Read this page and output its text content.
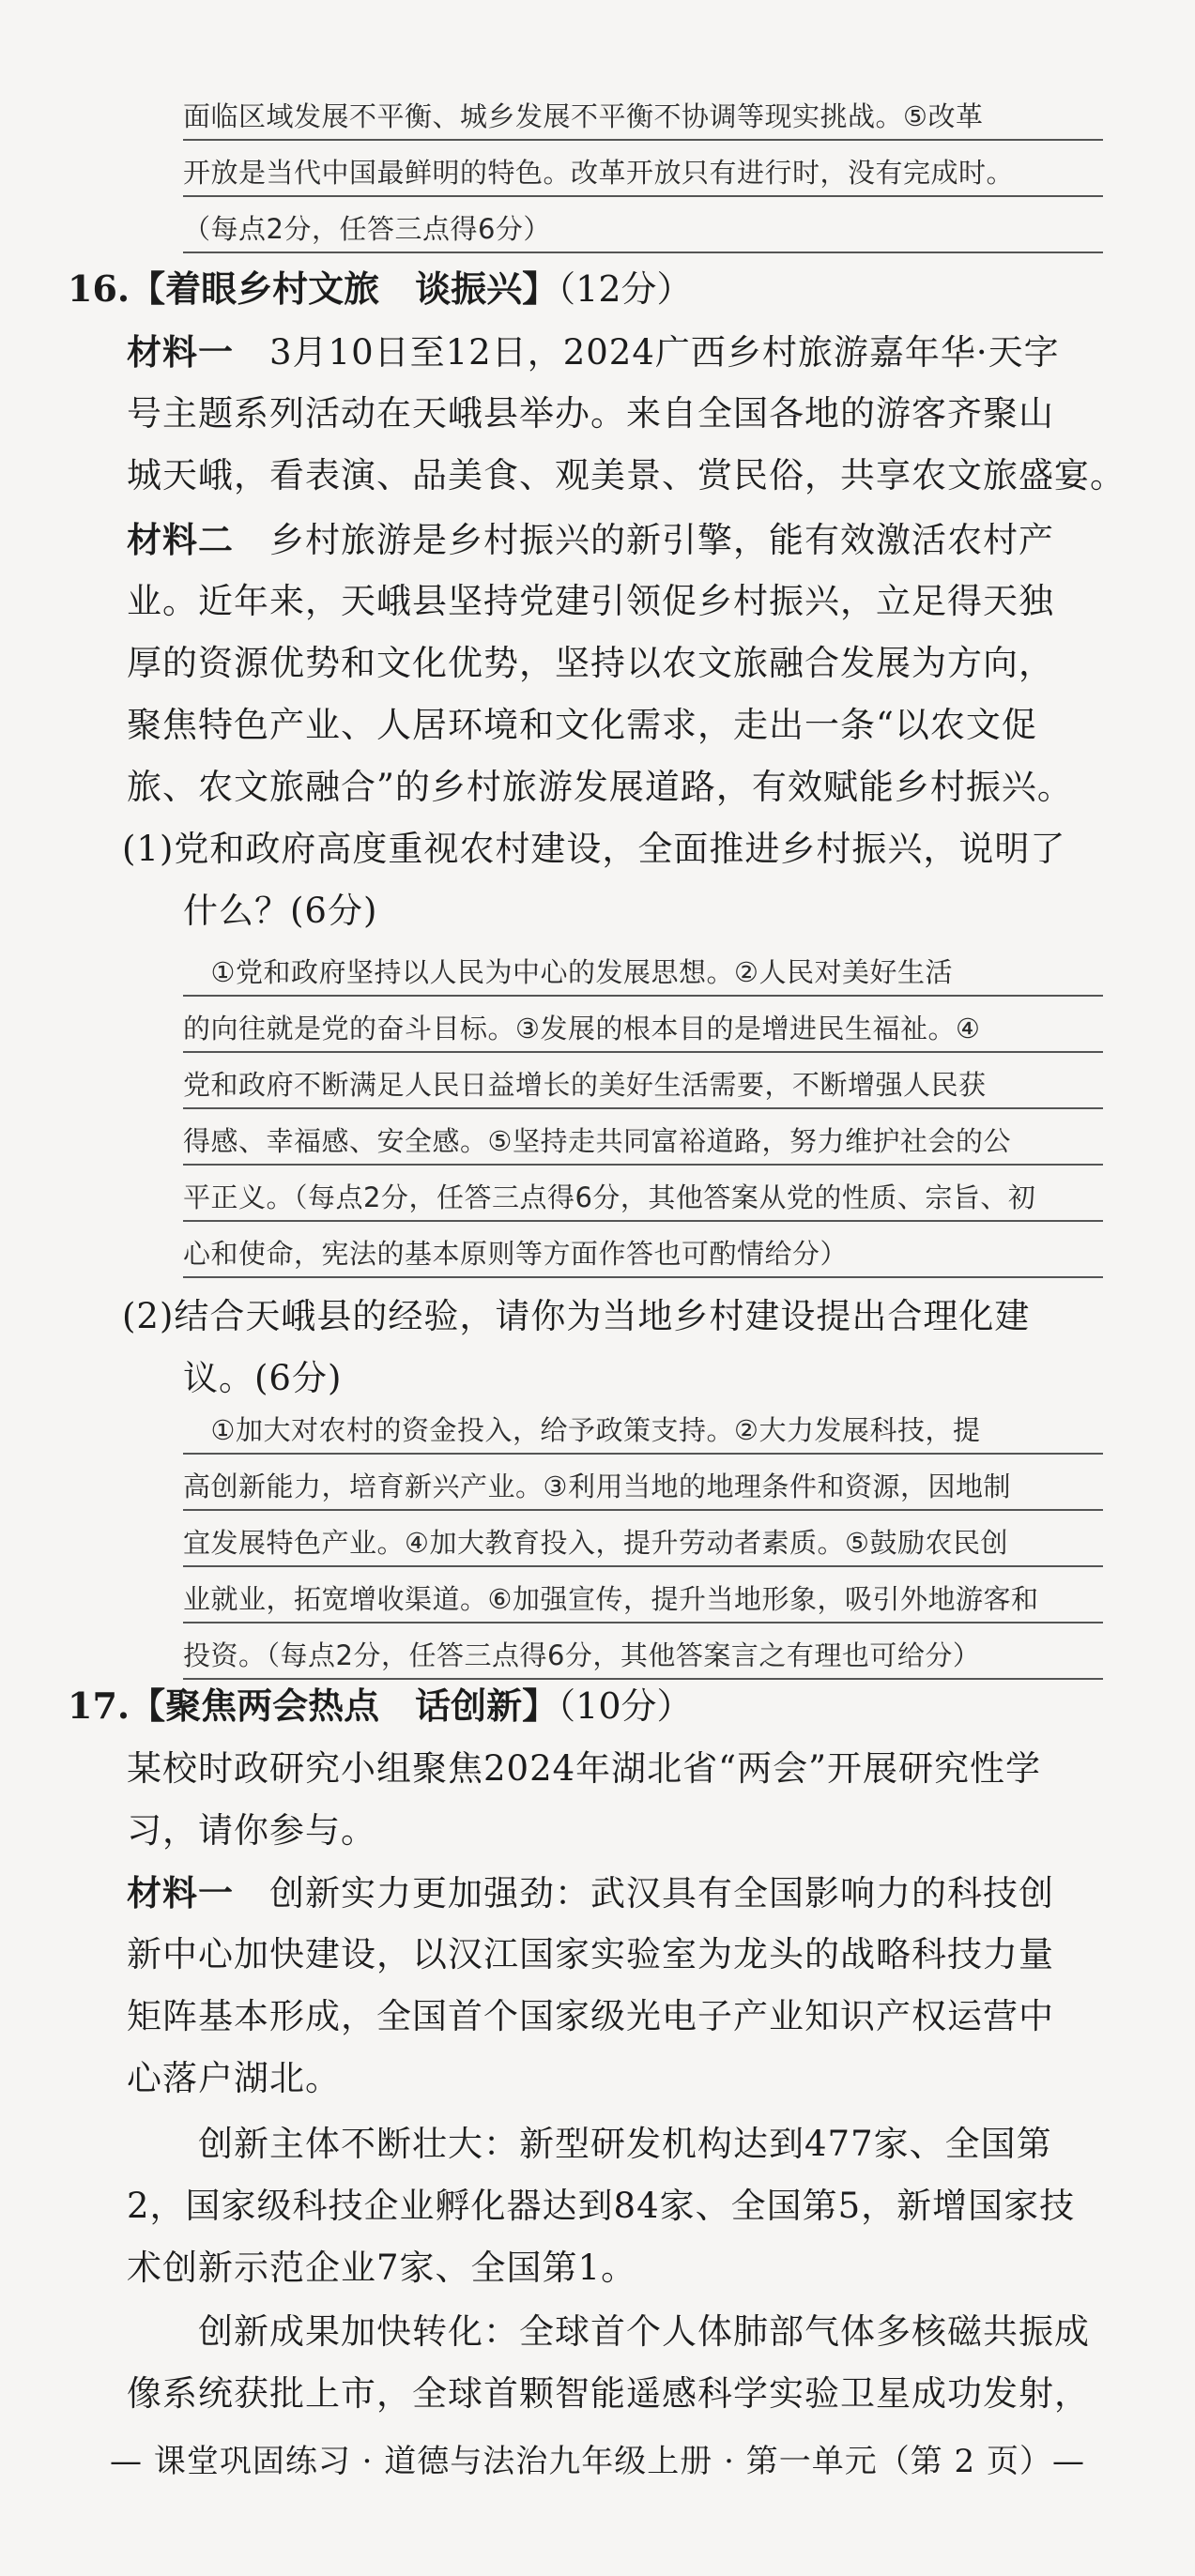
面临区域发展不平衡、城乡发展不平衡不协调等现实挑战。⑤改革
开放是当代中国最鲜明的特色。改革开放只有进行时，没有完成时。
（每点2分，任答三点得6分）
16.【着眼乡村文旅　谈振兴】（12分）
材料一　3月10日至12日，2024广西乡村旅游嘉年华·天字
号主题系列活动在天峨县举办。来自全国各地的游客齐聚山
城天峨，看表演、品美食、观美景、赏民俗，共享农文旅盛宴。
材料二　乡村旅游是乡村振兴的新引擎，能有效激活农村产
业。近年来，天峨县坚持党建引领促乡村振兴，立足得天独
厚的资源优势和文化优势，坚持以农文旅融合发展为方向，
聚焦特色产业、人居环境和文化需求，走出一条“以农文促
旅、农文旅融合”的乡村旅游发展道路，有效赋能乡村振兴。
(1)党和政府高度重视农村建设，全面推进乡村振兴，说明了
什么？(6分)
　①党和政府坚持以人民为中心的发展思想。②人民对美好生活
的向往就是党的奋斗目标。③发展的根本目的是增进民生福祉。④
党和政府不断满足人民日益增长的美好生活需要，不断增强人民获
得感、幸福感、安全感。⑤坚持走共同富裕道路，努力维护社会的公
平正义。（每点2分，任答三点得6分，其他答案从党的性质、宗旨、初
心和使命，宪法的基本原则等方面作答也可酌情给分）
(2)结合天峨县的经验，请你为当地乡村建设提出合理化建
议。(6分)
　①加大对农村的资金投入，给予政策支持。②大力发展科技，提
高创新能力，培育新兴产业。③利用当地的地理条件和资源，因地制
宜发展特色产业。④加大教育投入，提升劳动者素质。⑤鼓励农民创
业就业，拓宽增收渠道。⑥加强宣传，提升当地形象，吸引外地游客和
投资。（每点2分，任答三点得6分，其他答案言之有理也可给分）
17.【聚焦两会热点　话创新】（10分）
某校时政研究小组聚焦2024年湖北省“两会”开展研究性学
习，请你参与。
材料一　创新实力更加强劲：武汉具有全国影响力的科技创
新中心加快建设，以汉江国家实验室为龙头的战略科技力量
矩阵基本形成，全国首个国家级光电子产业知识产权运营中
心落户湖北。
　　创新主体不断壮大：新型研发机构达到477家、全国第
2，国家级科技企业孵化器达到84家、全国第5，新增国家技
术创新示范企业7家、全国第1。
　　创新成果加快转化：全球首个人体肺部气体多核磁共振成
像系统获批上市，全球首颗智能遥感科学实验卫星成功发射，
— 课堂巩固练习 · 道德与法治九年级上册 · 第一单元（第 2 页）—
